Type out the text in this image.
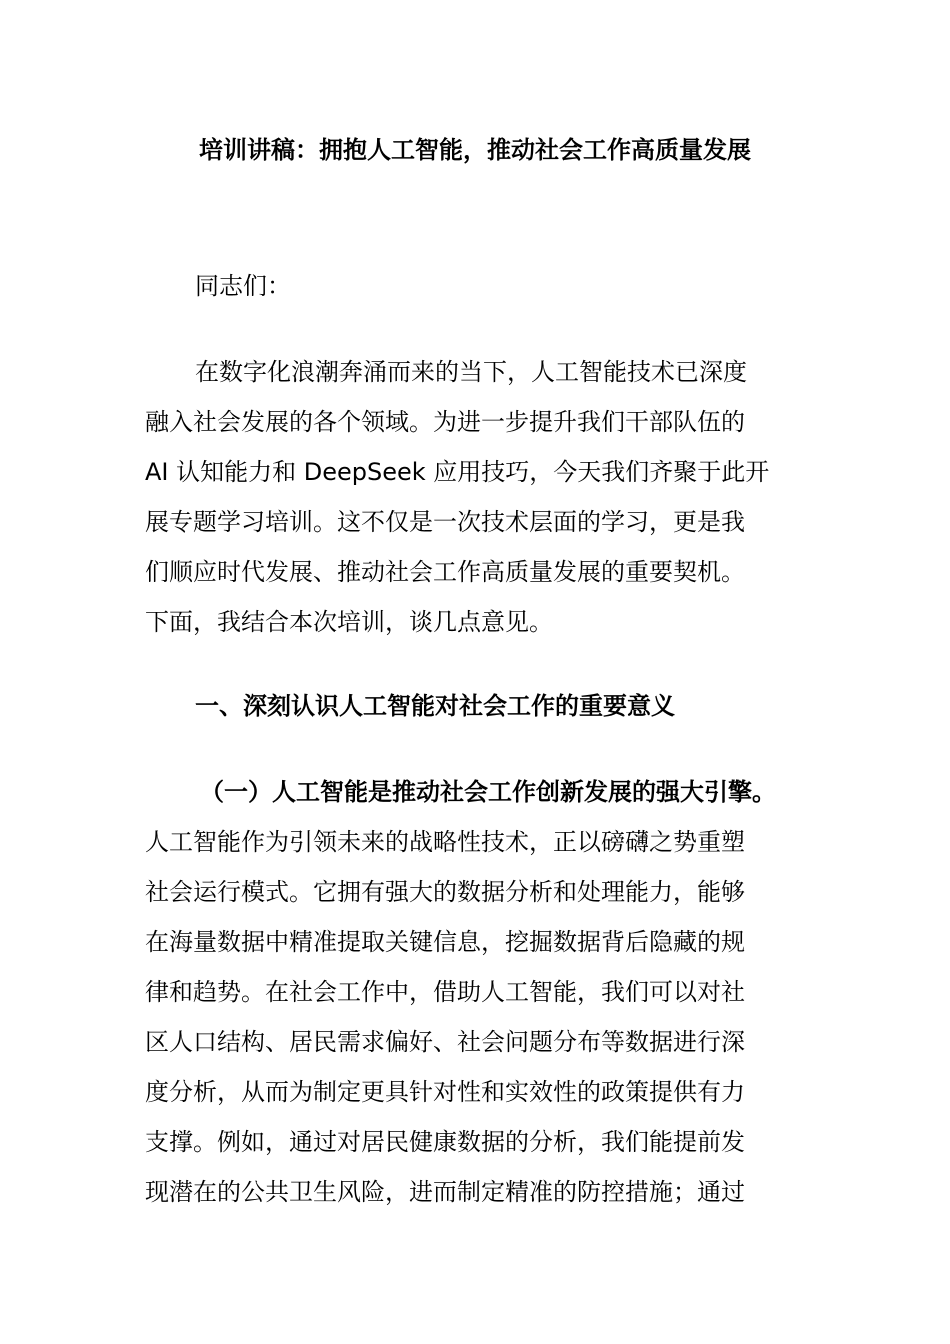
培训讲稿：拥抱人工智能，推动社会工作高质量发展
同志们：
在数字化浪潮奔涌而来的当下，人工智能技术已深度
融入社会发展的各个领域。为进一步提升我们干部队伍的
AI 认知能力和 DeepSeek 应用技巧，今天我们齐聚于此开
展专题学习培训。这不仅是一次技术层面的学习，更是我
们顺应时代发展、推动社会工作高质量发展的重要契机。
下面，我结合本次培训，谈几点意见。
一、深刻认识人工智能对社会工作的重要意义
（一）人工智能是推动社会工作创新发展的强大引擎。
人工智能作为引领未来的战略性技术，正以磅礴之势重塑
社会运行模式。它拥有强大的数据分析和处理能力，能够
在海量数据中精准提取关键信息，挖掘数据背后隐藏的规
律和趋势。在社会工作中，借助人工智能，我们可以对社
区人口结构、居民需求偏好、社会问题分布等数据进行深
度分析，从而为制定更具针对性和实效性的政策提供有力
支撑。例如，通过对居民健康数据的分析，我们能提前发
现潜在的公共卫生风险，进而制定精准的防控措施；通过
